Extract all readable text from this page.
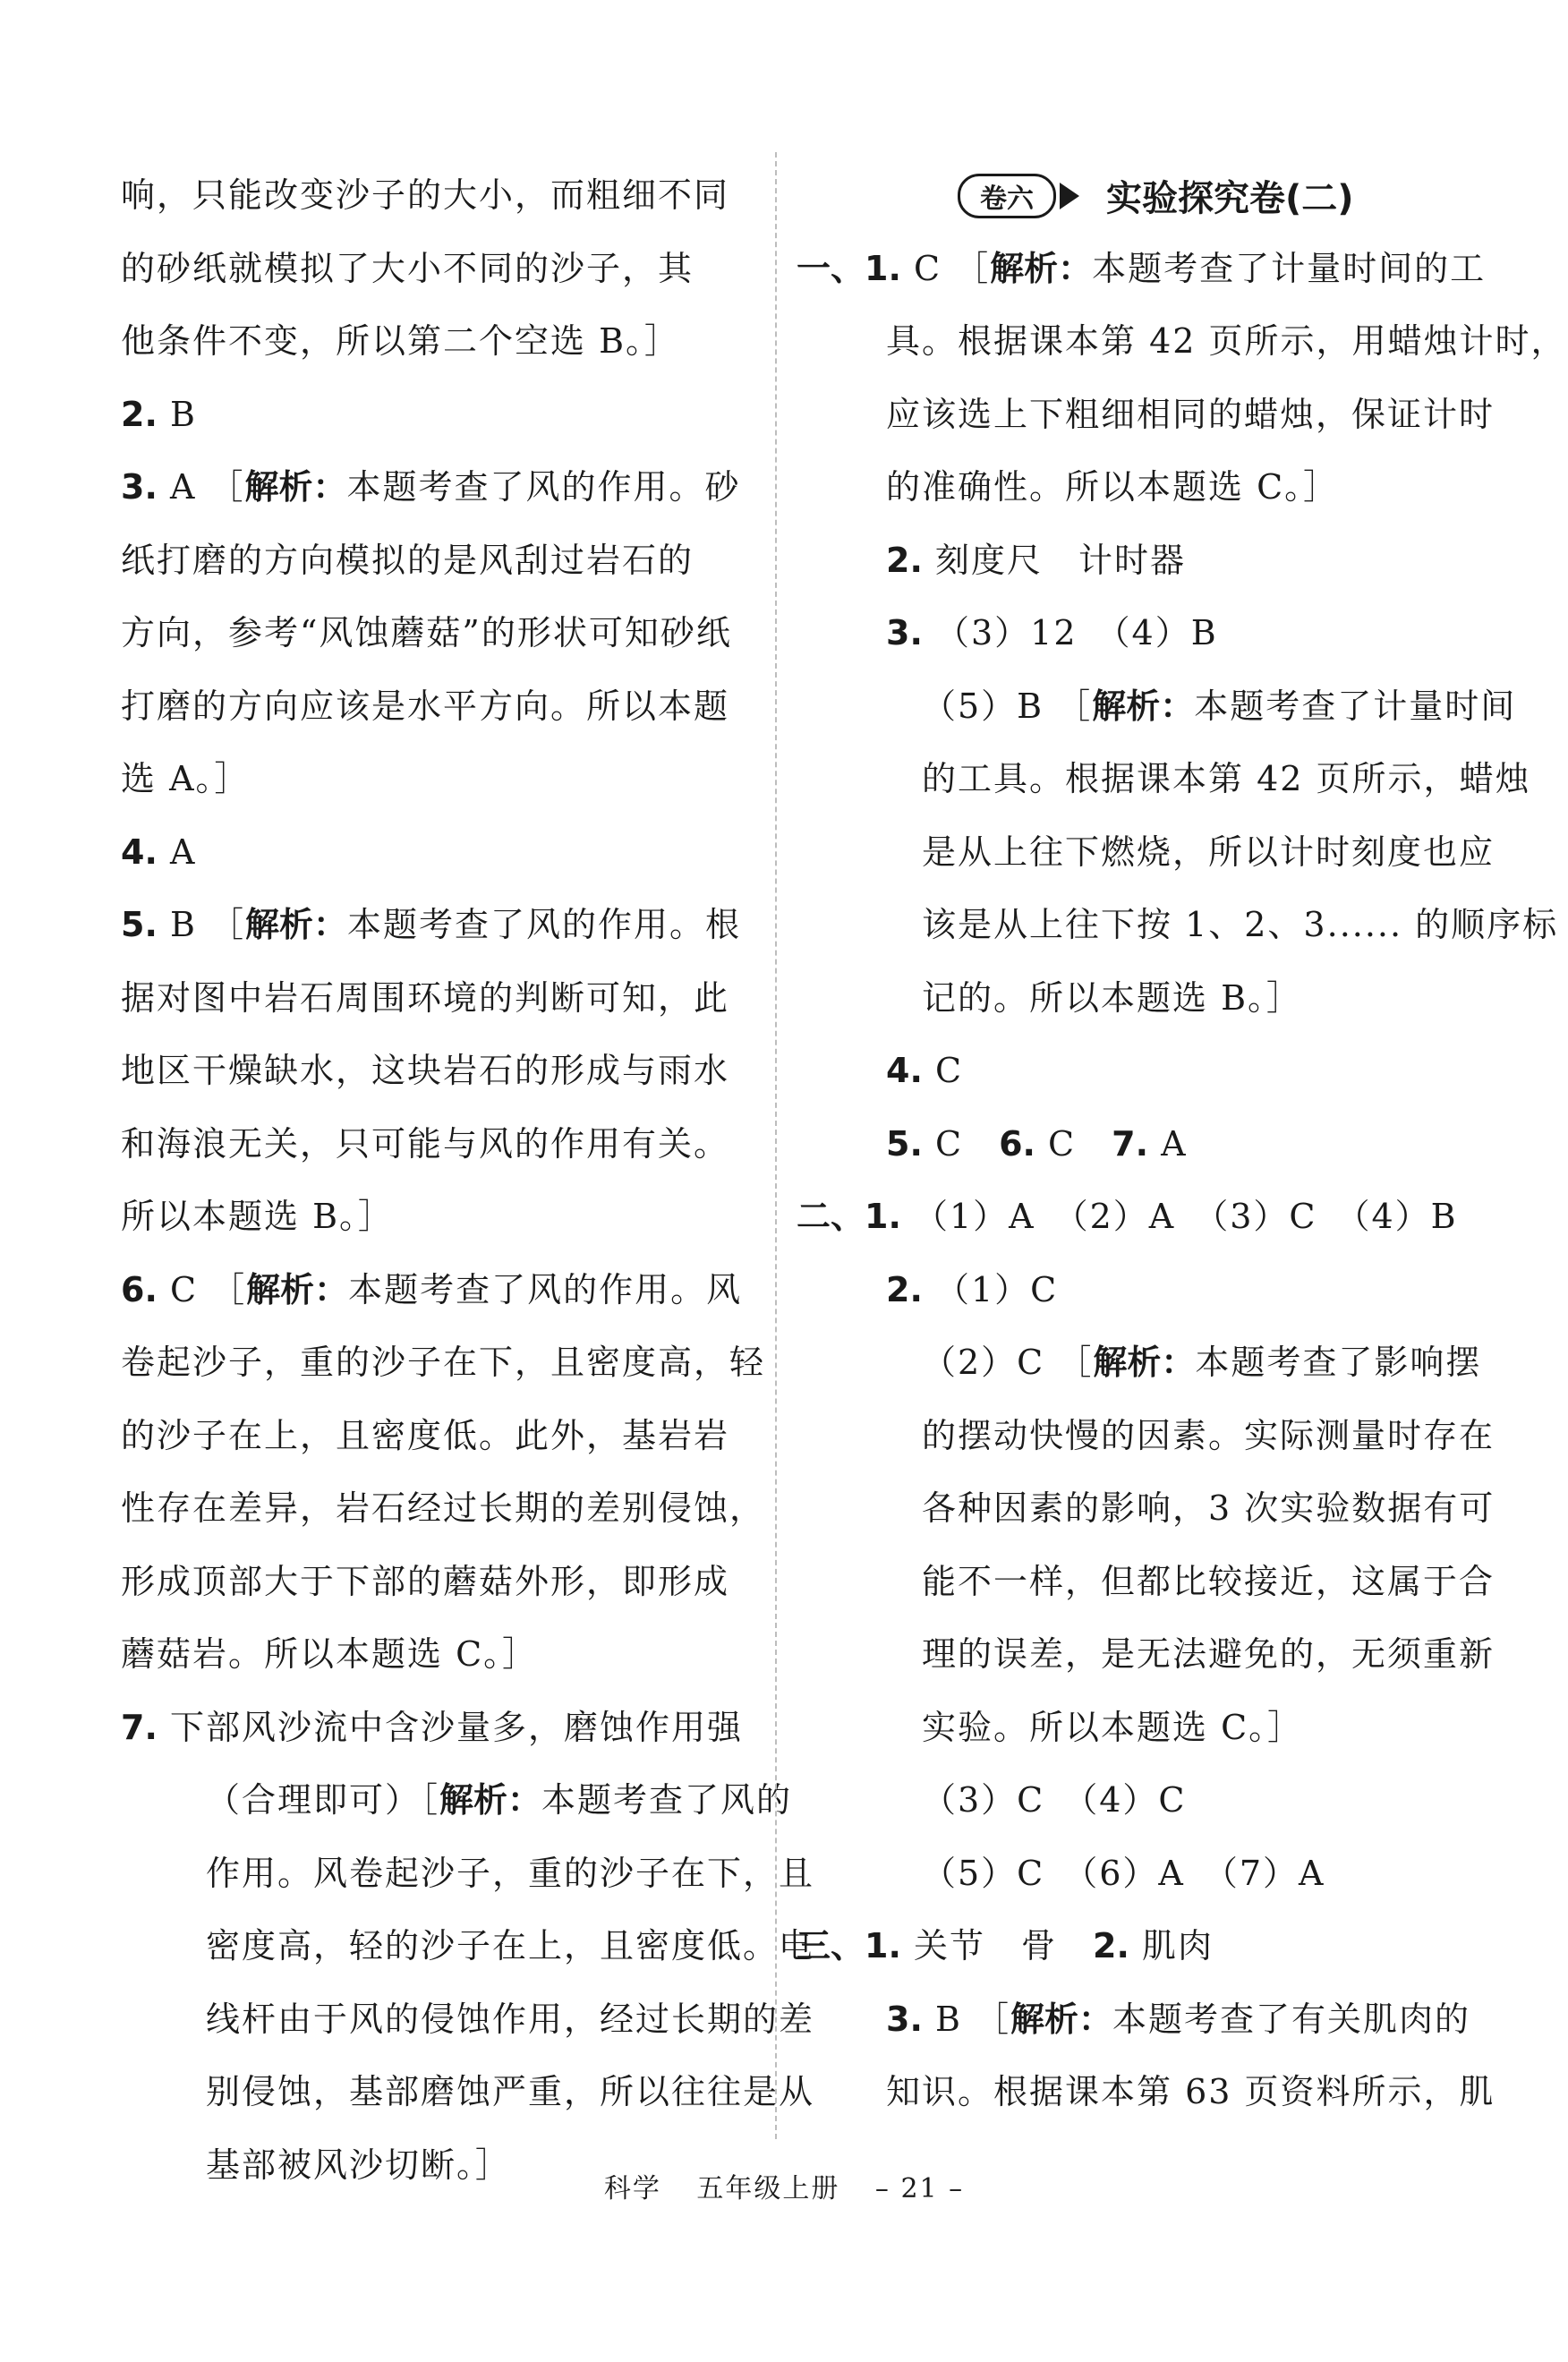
响，只能改变沙子的大小，而粗细不同
的砂纸就模拟了大小不同的沙子，其
他条件不变，所以第二个空选 B。］
2. B
3. A ［解析：本题考查了风的作用。砂
纸打磨的方向模拟的是风刮过岩石的
方向，参考“风蚀蘑菇”的形状可知砂纸
打磨的方向应该是水平方向。所以本题
选 A。］
4. A
5. B ［解析：本题考查了风的作用。根
据对图中岩石周围环境的判断可知，此
地区干燥缺水，这块岩石的形成与雨水
和海浪无关，只可能与风的作用有关。
所以本题选 B。］
6. C ［解析：本题考查了风的作用。风
卷起沙子，重的沙子在下，且密度高，轻
的沙子在上，且密度低。此外，基岩岩
性存在差异，岩石经过长期的差别侵蚀，
形成顶部大于下部的蘑菇外形，即形成
蘑菇岩。所以本题选 C。］
7. 下部风沙流中含沙量多，磨蚀作用强
（合理即可）［解析：本题考查了风的
作用。风卷起沙子，重的沙子在下，且
密度高，轻的沙子在上，且密度低。电
线杆由于风的侵蚀作用，经过长期的差
别侵蚀，基部磨蚀严重，所以往往是从
基部被风沙切断。］
卷六	实验探究卷(二)
一、1. C ［解析：本题考查了计量时间的工
具。根据课本第 42 页所示，用蜡烛计时，
应该选上下粗细相同的蜡烛，保证计时
的准确性。所以本题选 C。］
2. 刻度尺　计时器
3. （3）12　（4）B
（5）B ［解析：本题考查了计量时间
的工具。根据课本第 42 页所示，蜡烛
是从上往下燃烧，所以计时刻度也应
该是从上往下按 1、2、3...... 的顺序标
记的。所以本题选 B。］
4. C
5. C　6. C　7. A
二、1. （1）A　（2）A　（3）C　（4）B
2. （1）C
（2）C ［解析：本题考查了影响摆
的摆动快慢的因素。实际测量时存在
各种因素的影响，3 次实验数据有可
能不一样，但都比较接近，这属于合
理的误差，是无法避免的，无须重新
实验。所以本题选 C。］
（3）C　（4）C
（5）C　（6）A　（7）A
三、1. 关节　骨　2. 肌肉
3. B ［解析：本题考查了有关肌肉的
知识。根据课本第 63 页资料所示，肌
科学 五年级上册 – 21 –
